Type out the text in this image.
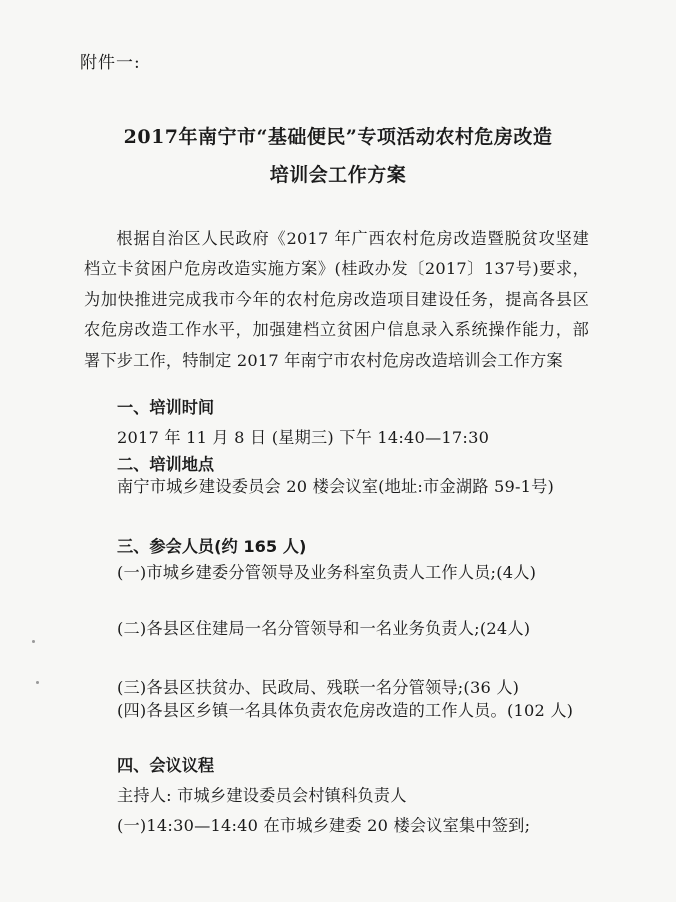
附件一:
2017年南宁市“基础便民”专项活动农村危房改造
培训会工作方案
根据自治区人民政府《2017 年广西农村危房改造暨脱贫攻坚建档立卡贫困户危房改造实施方案》(桂政办发〔2017〕137号)要求，为加快推进完成我市今年的农村危房改造项目建设任务，提高各县区农危房改造工作水平，加强建档立贫困户信息录入系统操作能力，部署下步工作，特制定 2017 年南宁市农村危房改造培训会工作方案
一、培训时间
2017 年 11 月 8 日 (星期三) 下午 14:40—17:30
二、培训地点
南宁市城乡建设委员会 20 楼会议室(地址:市金湖路 59-1号)
三、参会人员(约 165 人)
(一)市城乡建委分管领导及业务科室负责人工作人员;(4人)
(二)各县区住建局一名分管领导和一名业务负责人;(24人)
(三)各县区扶贫办、民政局、残联一名分管领导;(36 人)
(四)各县区乡镇一名具体负责农危房改造的工作人员。(102 人)
四、会议议程
主持人: 市城乡建设委员会村镇科负责人
(一)14:30—14:40 在市城乡建委 20 楼会议室集中签到;
